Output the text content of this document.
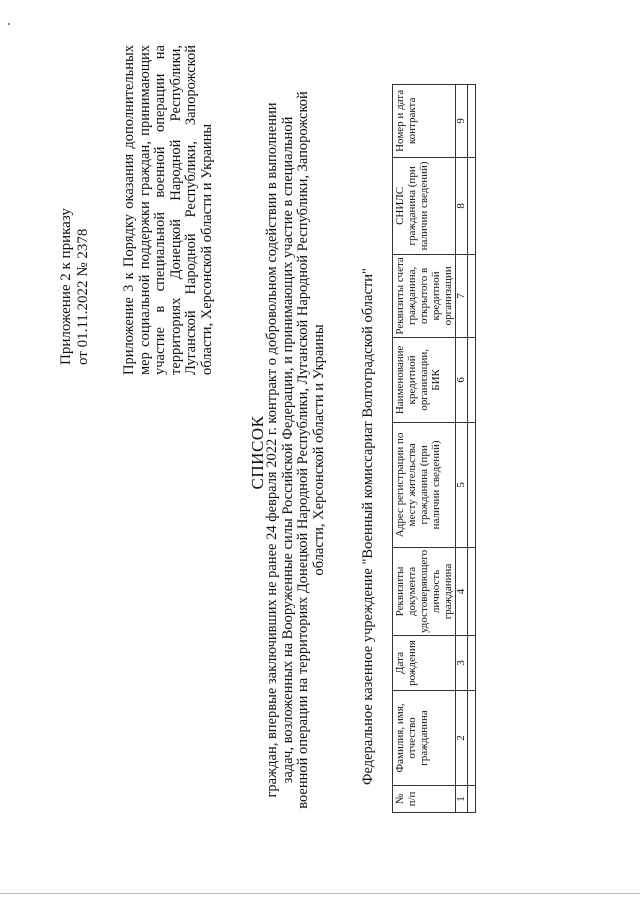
Приложение 2 к приказу от 01.11.2022 № 2378 Приложение 3 к Порядку оказания дополнительных мер социальной поддержки граждан, принимающих участие в специальной военной операции на территориях Донецкой Народной Республики, Луганской Народной Республики, Запорожской области, Херсонской области и Украины
СПИСОК
граждан, впервые заключивших не ранее 24 февраля 2022 г. контракт о добровольном содействии в выполнении задач, возложенных на Вооруженные силы Российской Федерации, и принимающих участие в специальной военной операции на территориях Донецкой Народной Республики, Луганской Народной Республики, Запорожской области, Херсонской области и Украины Федеральное казенное учреждение "Военный комиссариат Волгоградской области"
№ п/п	Фамилия, имя, отчество гражданина	Дата рождения	Реквизиты документа удостоверяющего личность гражданина	Адрес регистрации по месту жительства гражданина (при наличии сведений)	Наименование кредитной организации, БИК	Реквизиты счета гражданина, открытого в кредитной организации	СНИЛС гражданина (при наличии сведений)	Номер и дата контракта
1	2	3	4	5	6	7	8	9
